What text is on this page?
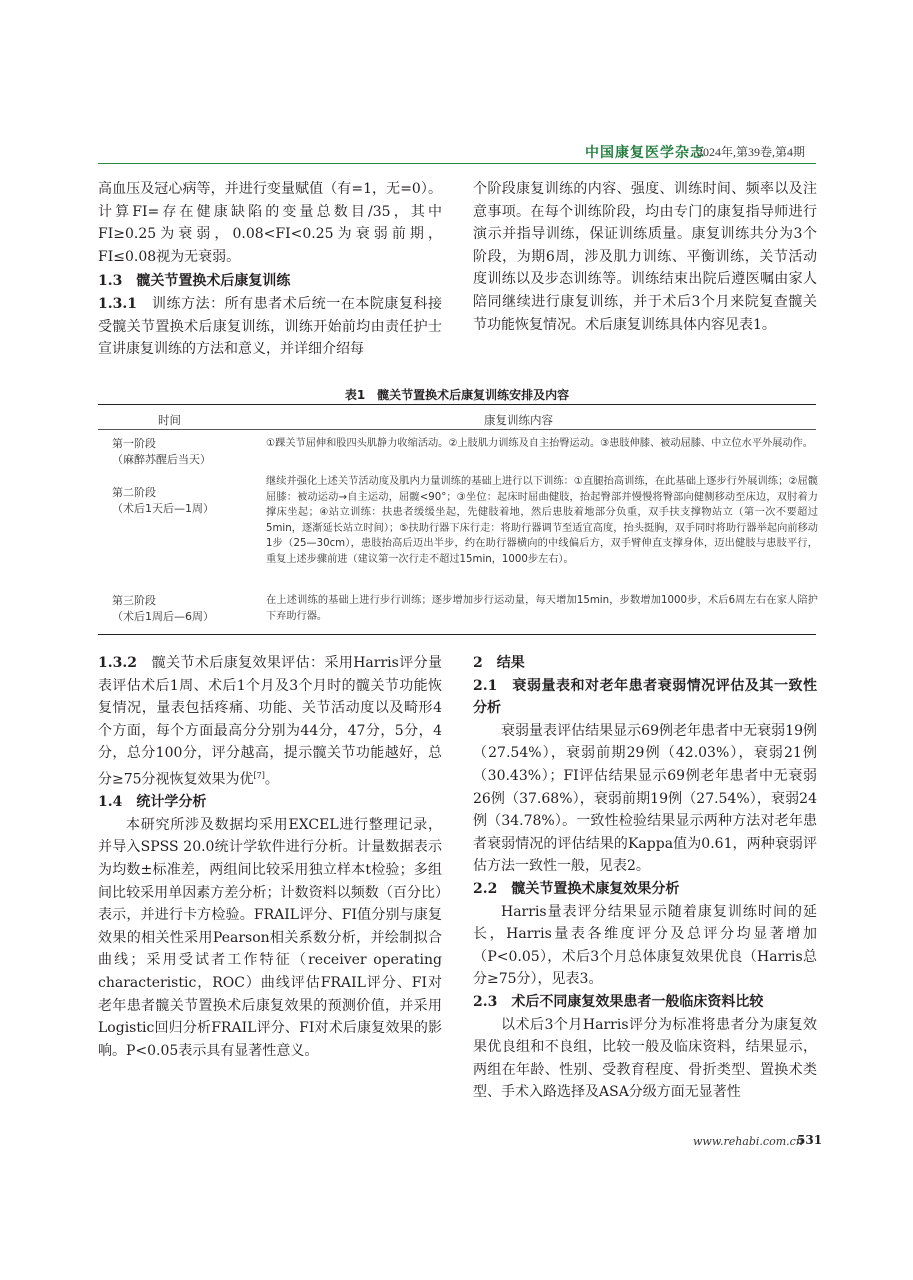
中国康复医学杂志
2024年,第39卷,第4期

高血压及冠心病等，并进行变量赋值（有=1，无=0）。计算FI=存在健康缺陷的变量总数目/35，其中FI≥0.25为衰弱，0.08<FI<0.25为衰弱前期，FI≤0.08视为无衰弱。

1.3　髋关节置换术后康复训练

1.3.1　训练方法：所有患者术后统一在本院康复科接受髋关节置换术后康复训练，训练开始前均由责任护士宣讲康复训练的方法和意义，并详细介绍每

个阶段康复训练的内容、强度、训练时间、频率以及注意事项。在每个训练阶段，均由专门的康复指导师进行演示并指导训练，保证训练质量。康复训练共分为3个阶段，为期6周，涉及肌力训练、平衡训练，关节活动度训练以及步态训练等。训练结束出院后遵医嘱由家人陪同继续进行康复训练，并于术后3个月来院复查髋关节功能恢复情况。术后康复训练具体内容见表1。

表1　髋关节置换术后康复训练安排及内容
时间	康复训练内容
第一阶段
（麻醉苏醒后当天）
①踝关节屈伸和股四头肌静力收缩活动。②上肢肌力训练及自主抬臀运动。③患肢伸膝、被动屈膝、中立位水平外展动作。
第二阶段
（术后1天后—1周）
继续并强化上述关节活动度及肌内力量训练的基础上进行以下训练：①直腿抬高训练，在此基础上逐步行外展训练；②屈髋屈膝：被动运动→自主运动，屈髋<90°；③坐位：起床时屈曲健肢，抬起臀部并慢慢将臀部向健侧移动至床边，双肘着力撑床坐起；④站立训练：扶患者缓缓坐起，先健肢着地，然后患肢着地部分负重，双手扶支撑物站立（第一次不要超过5min，逐渐延长站立时间）；⑤扶助行器下床行走：将助行器调节至适宜高度，抬头挺胸，双手同时将助行器举起向前移动1步（25—30cm），患肢抬高后迈出半步，约在助行器横向的中线偏后方，双手臂伸直支撑身体，迈出健肢与患肢平行，重复上述步骤前进（建议第一次行走不超过15min，1000步左右）。
第三阶段
（术后1周后—6周）
在上述训练的基础上进行步行训练；逐步增加步行运动量，每天增加15min，步数增加1000步，术后6周左右在家人陪护下弃助行器。

1.3.2　髋关节术后康复效果评估：采用Harris评分量表评估术后1周、术后1个月及3个月时的髋关节功能恢复情况，量表包括疼痛、功能、关节活动度以及畸形4个方面，每个方面最高分分别为44分，47分，5分，4分，总分100分，评分越高，提示髋关节功能越好，总分≥75分视恢复效果为优[7]。

1.4　统计学分析

本研究所涉及数据均采用EXCEL进行整理记录，并导入SPSS 20.0统计学软件进行分析。计量数据表示为均数±标准差，两组间比较采用独立样本t检验；多组间比较采用单因素方差分析；计数资料以频数（百分比）表示，并进行卡方检验。FRAIL评分、FI值分别与康复效果的相关性采用Pearson相关系数分析，并绘制拟合曲线；采用受试者工作特征（receiver operating characteristic，ROC）曲线评估FRAIL评分、FI对老年患者髋关节置换术后康复效果的预测价值，并采用Logistic回归分析FRAIL评分、FI对术后康复效果的影响。P<0.05表示具有显著性意义。

2　结果

2.1　衰弱量表和对老年患者衰弱情况评估及其一致性分析

衰弱量表评估结果显示69例老年患者中无衰弱19例（27.54%），衰弱前期29例（42.03%），衰弱21例（30.43%）；FI评估结果显示69例老年患者中无衰弱26例（37.68%），衰弱前期19例（27.54%），衰弱24例（34.78%）。一致性检验结果显示两种方法对老年患者衰弱情况的评估结果的Kappa值为0.61，两种衰弱评估方法一致性一般，见表2。

2.2　髋关节置换术康复效果分析

Harris量表评分结果显示随着康复训练时间的延长，Harris量表各维度评分及总评分均显著增加（P<0.05），术后3个月总体康复效果优良（Harris总分≥75分），见表3。

2.3　术后不同康复效果患者一般临床资料比较

以术后3个月Harris评分为标准将患者分为康复效果优良组和不良组，比较一般及临床资料，结果显示，两组在年龄、性别、受教育程度、骨折类型、置换术类型、手术入路选择及ASA分级方面无显著性

www.rehabi.com.cn
531
